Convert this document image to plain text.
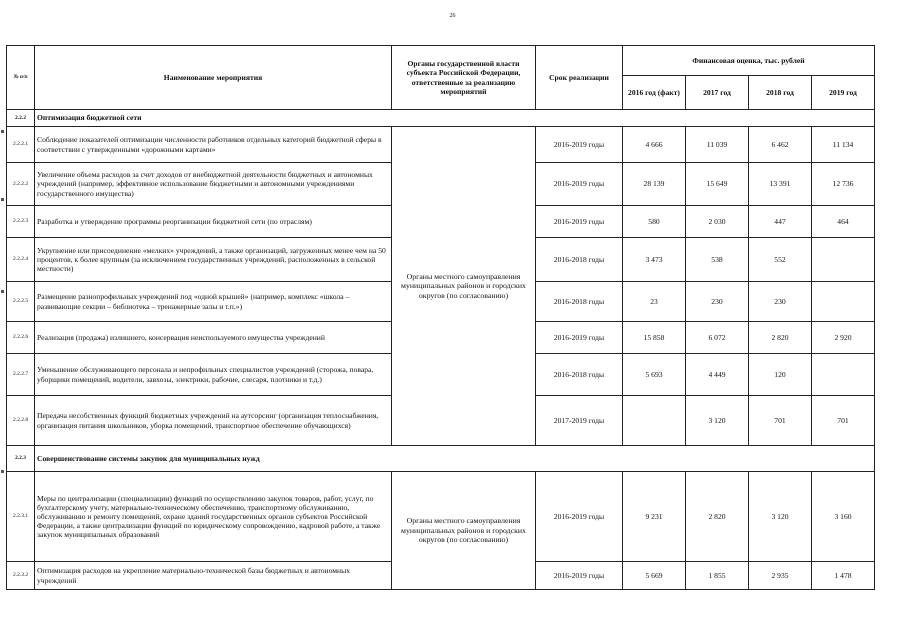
26
№ п/п	Наименование мероприятия	Органы государственной власти субъекта Российской Федерации, ответственные за реализацию мероприятий	Срок реализации	Финансовая оценка, тыс. рублей			
				2016 год (факт)	2017 год	2018 год	2019 год
2.2.2	Оптимизация бюджетной сети						
2.2.2.1	Соблюдение показателей оптимизации численности работников отдельных категорий бюджетной сферы в соответствии с утвержденными «дорожными картами»	Органы местного самоуправления муниципальных районов и городских округов (по согласованию)	2016-2019 годы	4 666	11 039	6 462	11 134
2.2.2.2	Увеличение объема расходов за счет доходов от внебюджетной деятельности бюджетных и автономных учреждений (например, эффективное использование бюджетными и автономными учреждениями государственного имущества)		2016-2019 годы	28 139	15 649	13 391	12 736
2.2.2.3	Разработка и утверждение программы реорганизации бюджетной сети (по отраслям)		2016-2019 годы	580	2 030	447	464
2.2.2.4	Укрупнение или присоединение «мелких» учреждений, а также организаций, загруженных менее чем на 50 процентов, к более крупным (за исключением государственных учреждений, расположенных в сельской местности)		2016-2018 годы	3 473	538	552	
2.2.2.5	Размещение разнопрофильных учреждений под «одной крышей» (например, комплекс «школа – развивающие секции – библиотека – тренажерные залы и т.п.»)		2016-2018 годы	23	230	230	
2.2.2.6	Реализация (продажа) излишнего, консервация неиспользуемого имущества учреждений		2016-2019 годы	15 858	6 072	2 820	2 920
2.2.2.7	Уменьшение обслуживающего персонала и непрофильных специалистов учреждений (сторожа, повара, уборщики помещений, водители, завхозы, электрики, рабочие, слесаря, плотники и т.д.)		2016-2018 годы	5 693	4 449	120	
2.2.2.8	Передача несобственных функций бюджетных учреждений на аутсорсинг (организация теплоснабжения, организация питания школьников, уборка помещений, транспортное обеспечение обучающихся)		2017-2019 годы		3 120	701	701
2.2.3	Совершенствование системы закупок для муниципальных нужд						
2.2.3.1	Меры по централизации (специализации) функций по осуществлению закупок товаров, работ, услуг, по бухгалтерскому учету, материально-техническому обеспечению, транспортному обслуживанию, обслуживанию и ремонту помещений, охране зданий государственных органов субъектов Российской Федерации, а также централизации функций по юридическому сопровождению, кадровой работе, а также закупок муниципальных образований	Органы местного самоуправления муниципальных районов и городских округов (по согласованию)	2016-2019 годы	9 231	2 820	3 120	3 160
2.2.3.2	Оптимизация расходов на укрепление материально-технической базы бюджетных и автономных учреждений		2016-2019 годы	5 669	1 855	2 935	1 478
